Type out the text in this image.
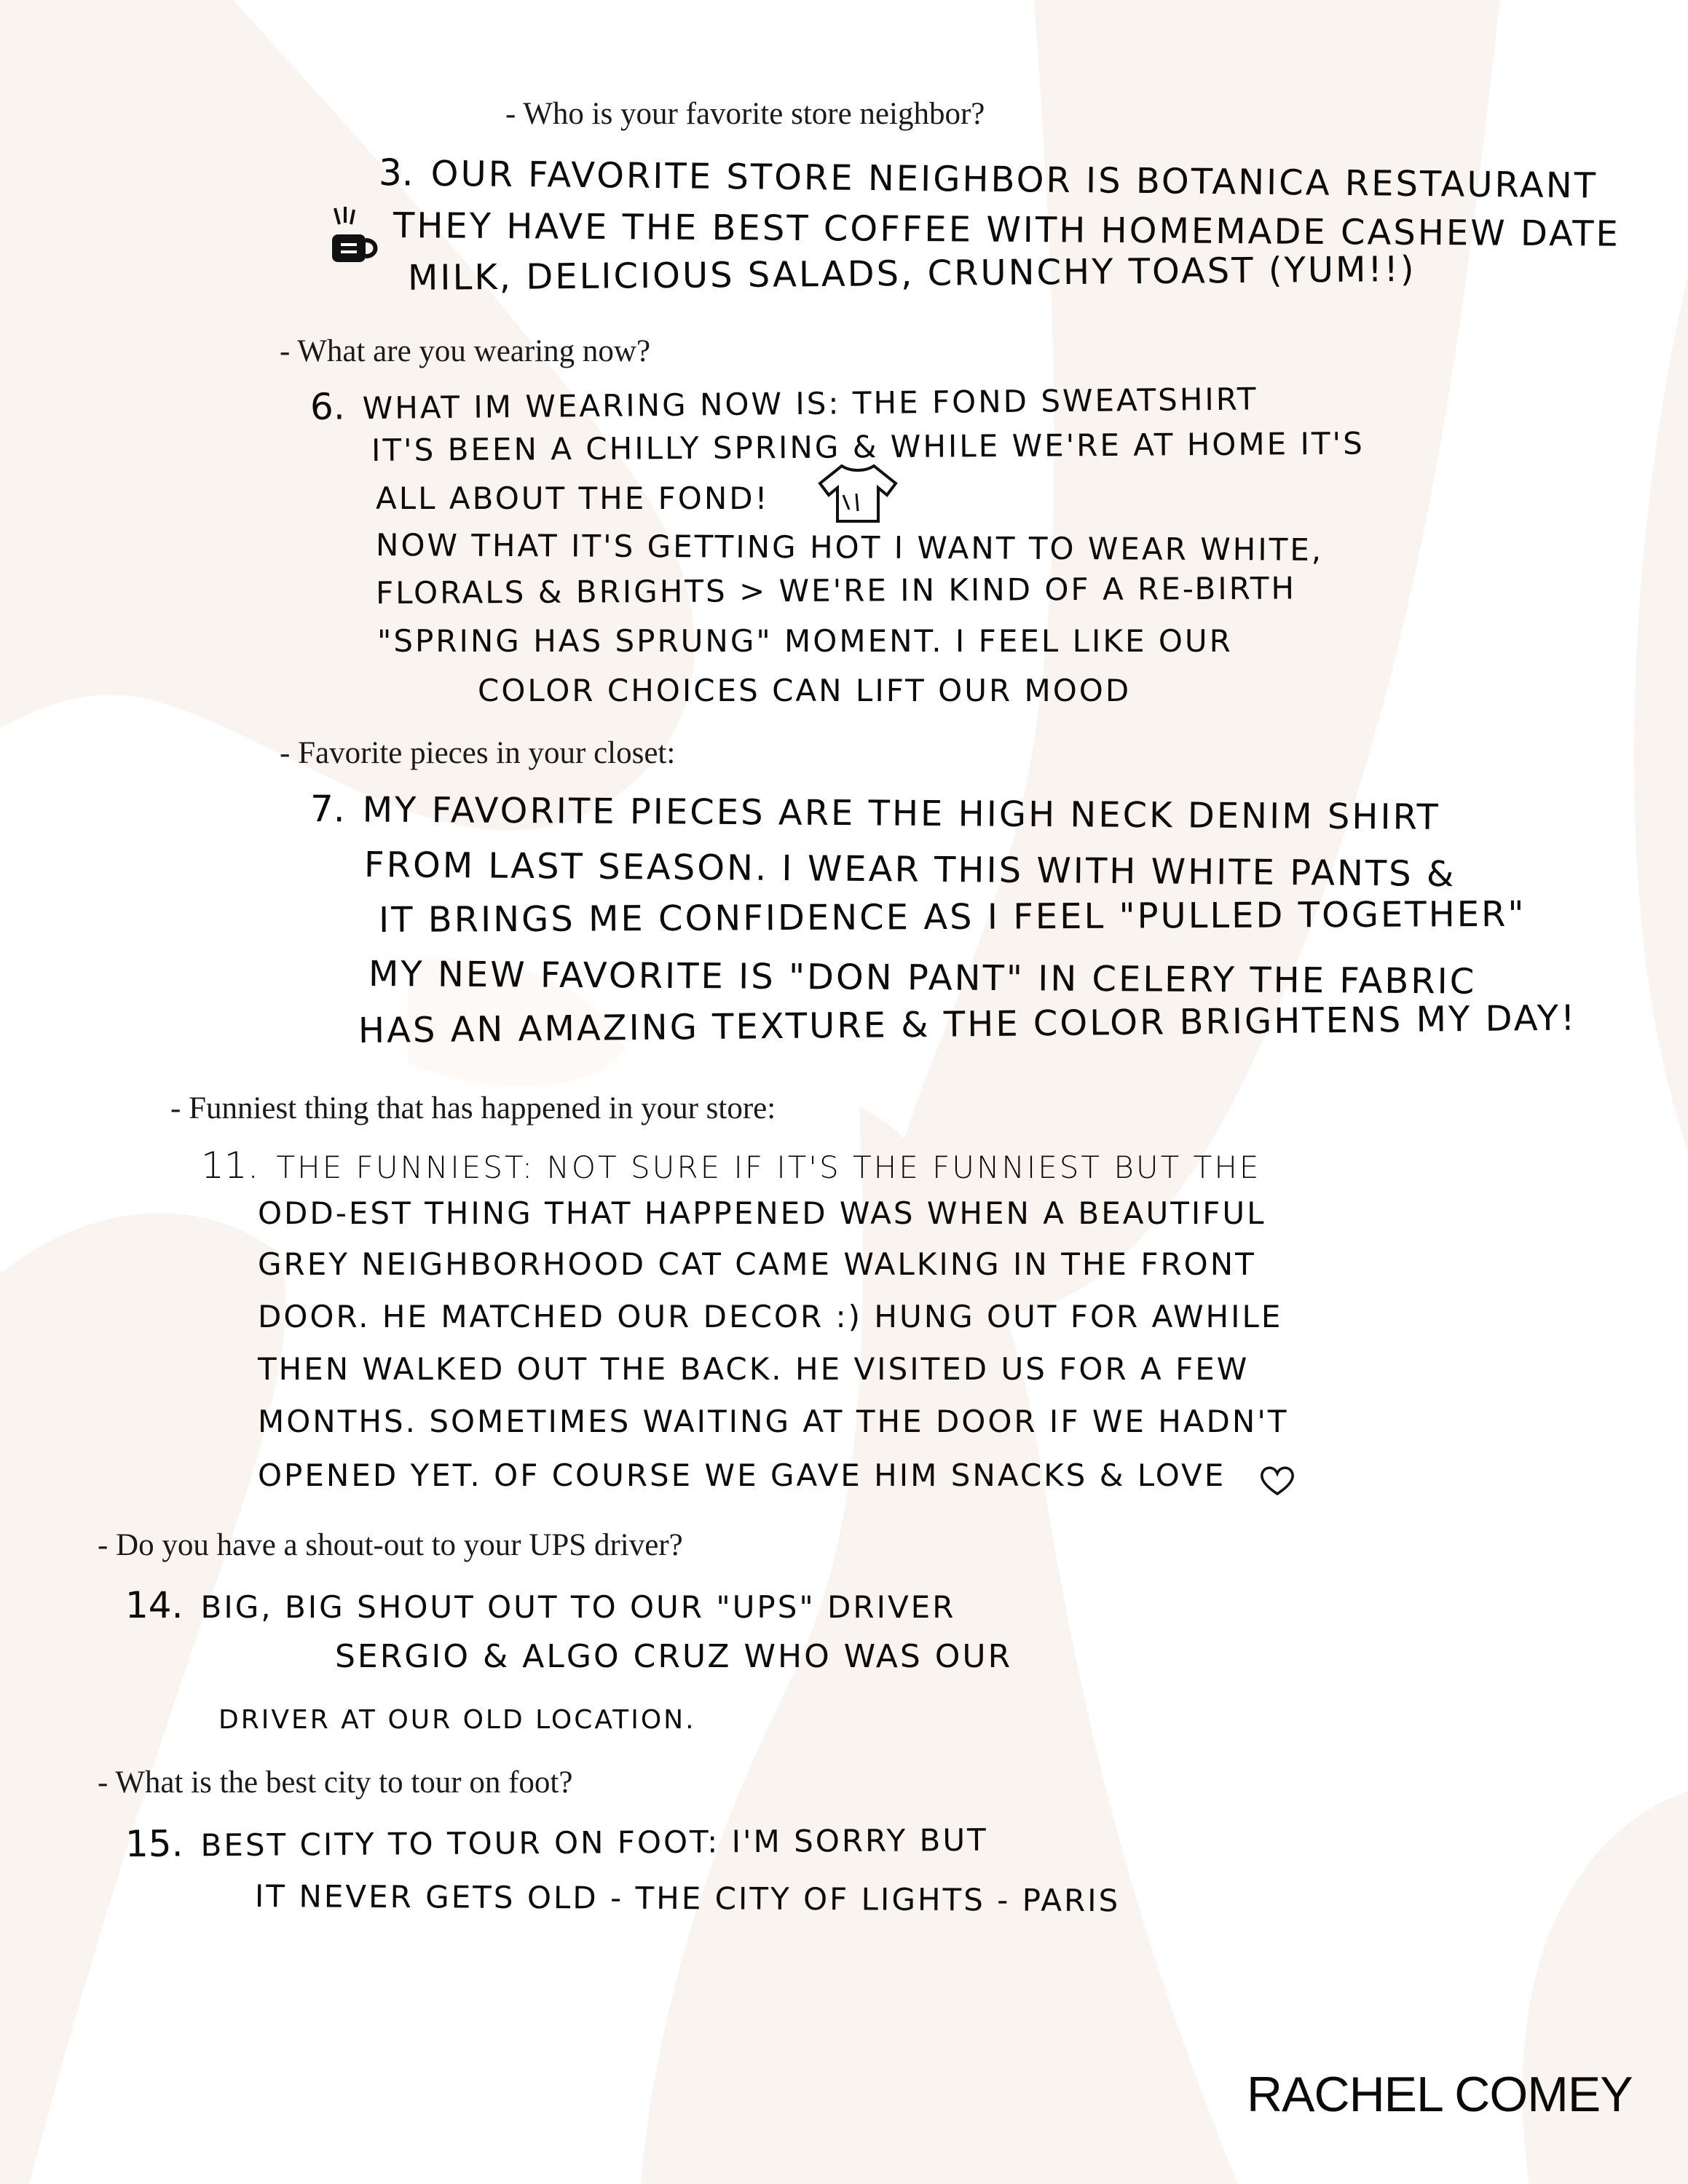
- Who is your favorite store neighbor?
3. OUR FAVORITE STORE NEIGHBOR IS BOTANICA RESTAURANT
THEY HAVE THE BEST COFFEE WITH HOMEMADE CASHEW DATE
MILK, DELICIOUS SALADS, CRUNCHY TOAST (YUM!!)
- What are you wearing now?
6. WHAT IM WEARING NOW IS: THE FOND SWEATSHIRT
IT'S BEEN A CHILLY SPRING & WHILE WE'RE AT HOME IT'S
ALL ABOUT THE FOND!
NOW THAT IT'S GETTING HOT I WANT TO WEAR WHITE,
FLORALS & BRIGHTS > WE'RE IN KIND OF A RE-BIRTH
"SPRING HAS SPRUNG" MOMENT. I FEEL LIKE OUR
COLOR CHOICES CAN LIFT OUR MOOD
- Favorite pieces in your closet:
7. MY FAVORITE PIECES ARE THE HIGH NECK DENIM SHIRT
FROM LAST SEASON. I WEAR THIS WITH WHITE PANTS &
IT BRINGS ME CONFIDENCE AS I FEEL "PULLED TOGETHER"
MY NEW FAVORITE IS "DON PANT" IN CELERY THE FABRIC
HAS AN AMAZING TEXTURE & THE COLOR BRIGHTENS MY DAY!
- Funniest thing that has happened in your store:
11. THE FUNNIEST: NOT SURE IF IT'S THE FUNNIEST BUT THE
ODD-EST THING THAT HAPPENED WAS WHEN A BEAUTIFUL
GREY NEIGHBORHOOD CAT CAME WALKING IN THE FRONT
DOOR. HE MATCHED OUR DECOR :) HUNG OUT FOR AWHILE
THEN WALKED OUT THE BACK. HE VISITED US FOR A FEW
MONTHS. SOMETIMES WAITING AT THE DOOR IF WE HADN'T
OPENED YET. OF COURSE WE GAVE HIM SNACKS & LOVE
- Do you have a shout-out to your UPS driver?
14. BIG, BIG SHOUT OUT TO OUR "UPS" DRIVER
SERGIO & ALGO CRUZ WHO WAS OUR
DRIVER AT OUR OLD LOCATION.
- What is the best city to tour on foot?
15. BEST CITY TO TOUR ON FOOT: I'M SORRY BUT
IT NEVER GETS OLD - THE CITY OF LIGHTS - PARIS
RACHEL COMEY
